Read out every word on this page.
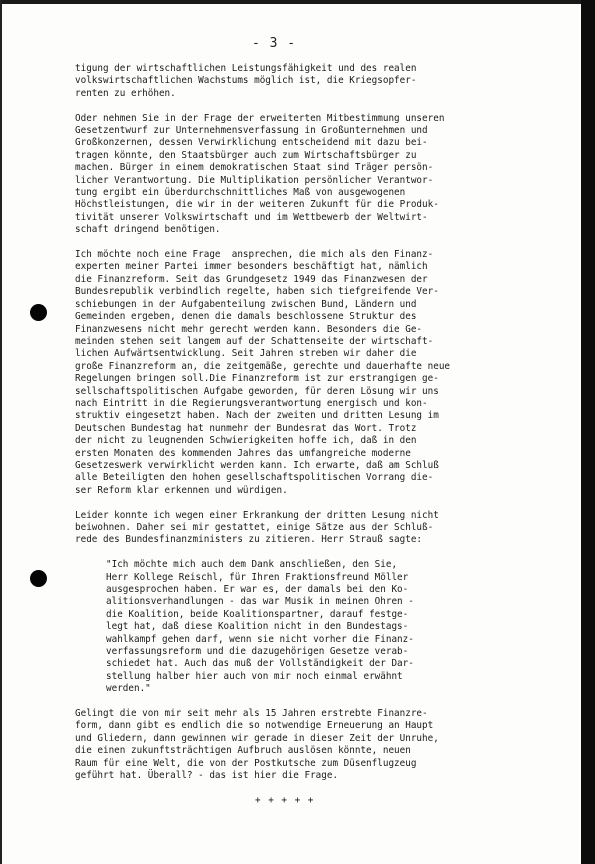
- 3 -

tigung der wirtschaftlichen Leistungsfähigkeit und des realen
volkswirtschaftlichen Wachstums möglich ist, die Kriegsopfer-
renten zu erhöhen.

Oder nehmen Sie in der Frage der erweiterten Mitbestimmung unseren
Gesetzentwurf zur Unternehmensverfassung in Großunternehmen und
Großkonzernen, dessen Verwirklichung entscheidend mit dazu bei-
tragen könnte, den Staatsbürger auch zum Wirtschaftsbürger zu
machen. Bürger in einem demokratischen Staat sind Träger persön-
licher Verantwortung. Die Multiplikation persönlicher Verantwor-
tung ergibt ein überdurchschnittliches Maß von ausgewogenen
Höchstleistungen, die wir in der weiteren Zukunft für die Produk-
tivität unserer Volkswirtschaft und im Wettbewerb der Weltwirt-
schaft dringend benötigen.

Ich möchte noch eine Frage  ansprechen, die mich als den Finanz-
experten meiner Partei immer besonders beschäftigt hat, nämlich
die Finanzreform. Seit das Grundgesetz 1949 das Finanzwesen der
Bundesrepublik verbindlich regelte, haben sich tiefgreifende Ver-
schiebungen in der Aufgabenteilung zwischen Bund, Ländern und
Gemeinden ergeben, denen die damals beschlossene Struktur des
Finanzwesens nicht mehr gerecht werden kann. Besonders die Ge-
meinden stehen seit langem auf der Schattenseite der wirtschaft-
lichen Aufwärtsentwicklung. Seit Jahren streben wir daher die
große Finanzreform an, die zeitgemäße, gerechte und dauerhafte neue
Regelungen bringen soll.Die Finanzreform ist zur erstrangigen ge-
sellschaftspolitischen Aufgabe geworden, für deren Lösung wir uns
nach Eintritt in die Regierungsverantwortung energisch und kon-
struktiv eingesetzt haben. Nach der zweiten und dritten Lesung im
Deutschen Bundestag hat nunmehr der Bundesrat das Wort. Trotz
der nicht zu leugnenden Schwierigkeiten hoffe ich, daß in den
ersten Monaten des kommenden Jahres das umfangreiche moderne
Gesetzeswerk verwirklicht werden kann. Ich erwarte, daß am Schluß
alle Beteiligten den hohen gesellschaftspolitischen Vorrang die-
ser Reform klar erkennen und würdigen.

Leider konnte ich wegen einer Erkrankung der dritten Lesung nicht
beiwohnen. Daher sei mir gestattet, einige Sätze aus der Schluß-
rede des Bundesfinanzministers zu zitieren. Herr Strauß sagte:

"Ich möchte mich auch dem Dank anschließen, den Sie,
Herr Kollege Reischl, für Ihren Fraktionsfreund Möller
ausgesprochen haben. Er war es, der damals bei den Ko-
alitionsverhandlungen - das war Musik in meinen Ohren -
die Koalition, beide Koalitionspartner, darauf festge-
legt hat, daß diese Koalition nicht in den Bundestags-
wahlkampf gehen darf, wenn sie nicht vorher die Finanz-
verfassungsreform und die dazugehörigen Gesetze verab-
schiedet hat. Auch das muß der Vollständigkeit der Dar-
stellung halber hier auch von mir noch einmal erwähnt
werden."

Gelingt die von mir seit mehr als 15 Jahren erstrebte Finanzre-
form, dann gibt es endlich die so notwendige Erneuerung an Haupt
und Gliedern, dann gewinnen wir gerade in dieser Zeit der Unruhe,
die einen zukunftsträchtigen Aufbruch auslösen könnte, neuen
Raum für eine Welt, die von der Postkutsche zum Düsenflugzeug
geführt hat. Überall? - das ist hier die Frage.

+ + + + +
